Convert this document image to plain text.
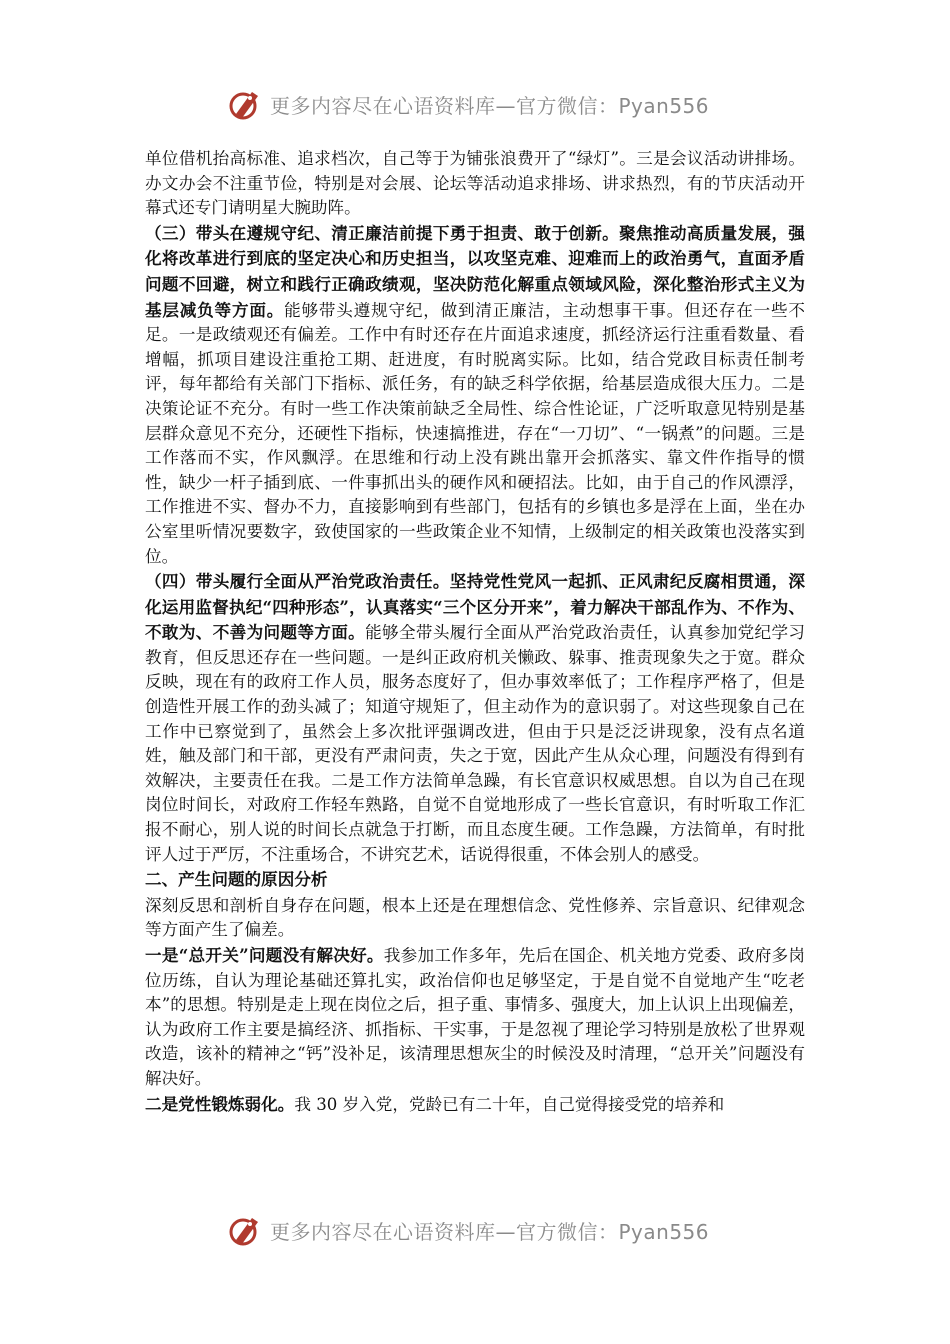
更多内容尽在心语资料库—官方微信：Pyan556

单位借机抬高标准、追求档次，自己等于为铺张浪费开了“绿灯”。三是会议活动讲排场。办文办会不注重节俭，特别是对会展、论坛等活动追求排场、讲求热烈，有的节庆活动开幕式还专门请明星大腕助阵。

（三）带头在遵规守纪、清正廉洁前提下勇于担责、敢于创新。聚焦推动高质量发展，强化将改革进行到底的坚定决心和历史担当，以攻坚克难、迎难而上的政治勇气，直面矛盾问题不回避，树立和践行正确政绩观，坚决防范化解重点领域风险，深化整治形式主义为基层减负等方面。能够带头遵规守纪，做到清正廉洁，主动想事干事。但还存在一些不足。一是政绩观还有偏差。工作中有时还存在片面追求速度，抓经济运行注重看数量、看增幅，抓项目建设注重抢工期、赶进度，有时脱离实际。比如，结合党政目标责任制考评，每年都给有关部门下指标、派任务，有的缺乏科学依据，给基层造成很大压力。二是决策论证不充分。有时一些工作决策前缺乏全局性、综合性论证，广泛听取意见特别是基层群众意见不充分，还硬性下指标，快速搞推进，存在“一刀切”、“一锅煮”的问题。三是工作落而不实，作风飘浮。在思维和行动上没有跳出靠开会抓落实、靠文件作指导的惯性，缺少一杆子插到底、一件事抓出头的硬作风和硬招法。比如，由于自己的作风漂浮，工作推进不实、督办不力，直接影响到有些部门，包括有的乡镇也多是浮在上面，坐在办公室里听情况要数字，致使国家的一些政策企业不知情，上级制定的相关政策也没落实到位。

（四）带头履行全面从严治党政治责任。坚持党性党风一起抓、正风肃纪反腐相贯通，深化运用监督执纪“四种形态”，认真落实“三个区分开来”，着力解决干部乱作为、不作为、不敢为、不善为问题等方面。能够全带头履行全面从严治党政治责任，认真参加党纪学习教育，但反思还存在一些问题。一是纠正政府机关懒政、躲事、推责现象失之于宽。群众反映，现在有的政府工作人员，服务态度好了，但办事效率低了；工作程序严格了，但是创造性开展工作的劲头减了；知道守规矩了，但主动作为的意识弱了。对这些现象自己在工作中已察觉到了，虽然会上多次批评强调改进，但由于只是泛泛讲现象，没有点名道姓，触及部门和干部，更没有严肃问责，失之于宽，因此产生从众心理，问题没有得到有效解决，主要责任在我。二是工作方法简单急躁，有长官意识权威思想。自以为自己在现岗位时间长，对政府工作轻车熟路，自觉不自觉地形成了一些长官意识，有时听取工作汇报不耐心，别人说的时间长点就急于打断，而且态度生硬。工作急躁，方法简单，有时批评人过于严厉，不注重场合，不讲究艺术，话说得很重，不体会别人的感受。

二、产生问题的原因分析

深刻反思和剖析自身存在问题，根本上还是在理想信念、党性修养、宗旨意识、纪律观念等方面产生了偏差。

一是“总开关”问题没有解决好。我参加工作多年，先后在国企、机关地方党委、政府多岗位历练，自认为理论基础还算扎实，政治信仰也足够坚定，于是自觉不自觉地产生“吃老本”的思想。特别是走上现在岗位之后，担子重、事情多、强度大，加上认识上出现偏差，认为政府工作主要是搞经济、抓指标、干实事，于是忽视了理论学习特别是放松了世界观改造，该补的精神之“钙”没补足，该清理思想灰尘的时候没及时清理，“总开关”问题没有解决好。

二是党性锻炼弱化。我 30 岁入党，党龄已有二十年，自己觉得接受党的培养和

更多内容尽在心语资料库—官方微信：Pyan556
